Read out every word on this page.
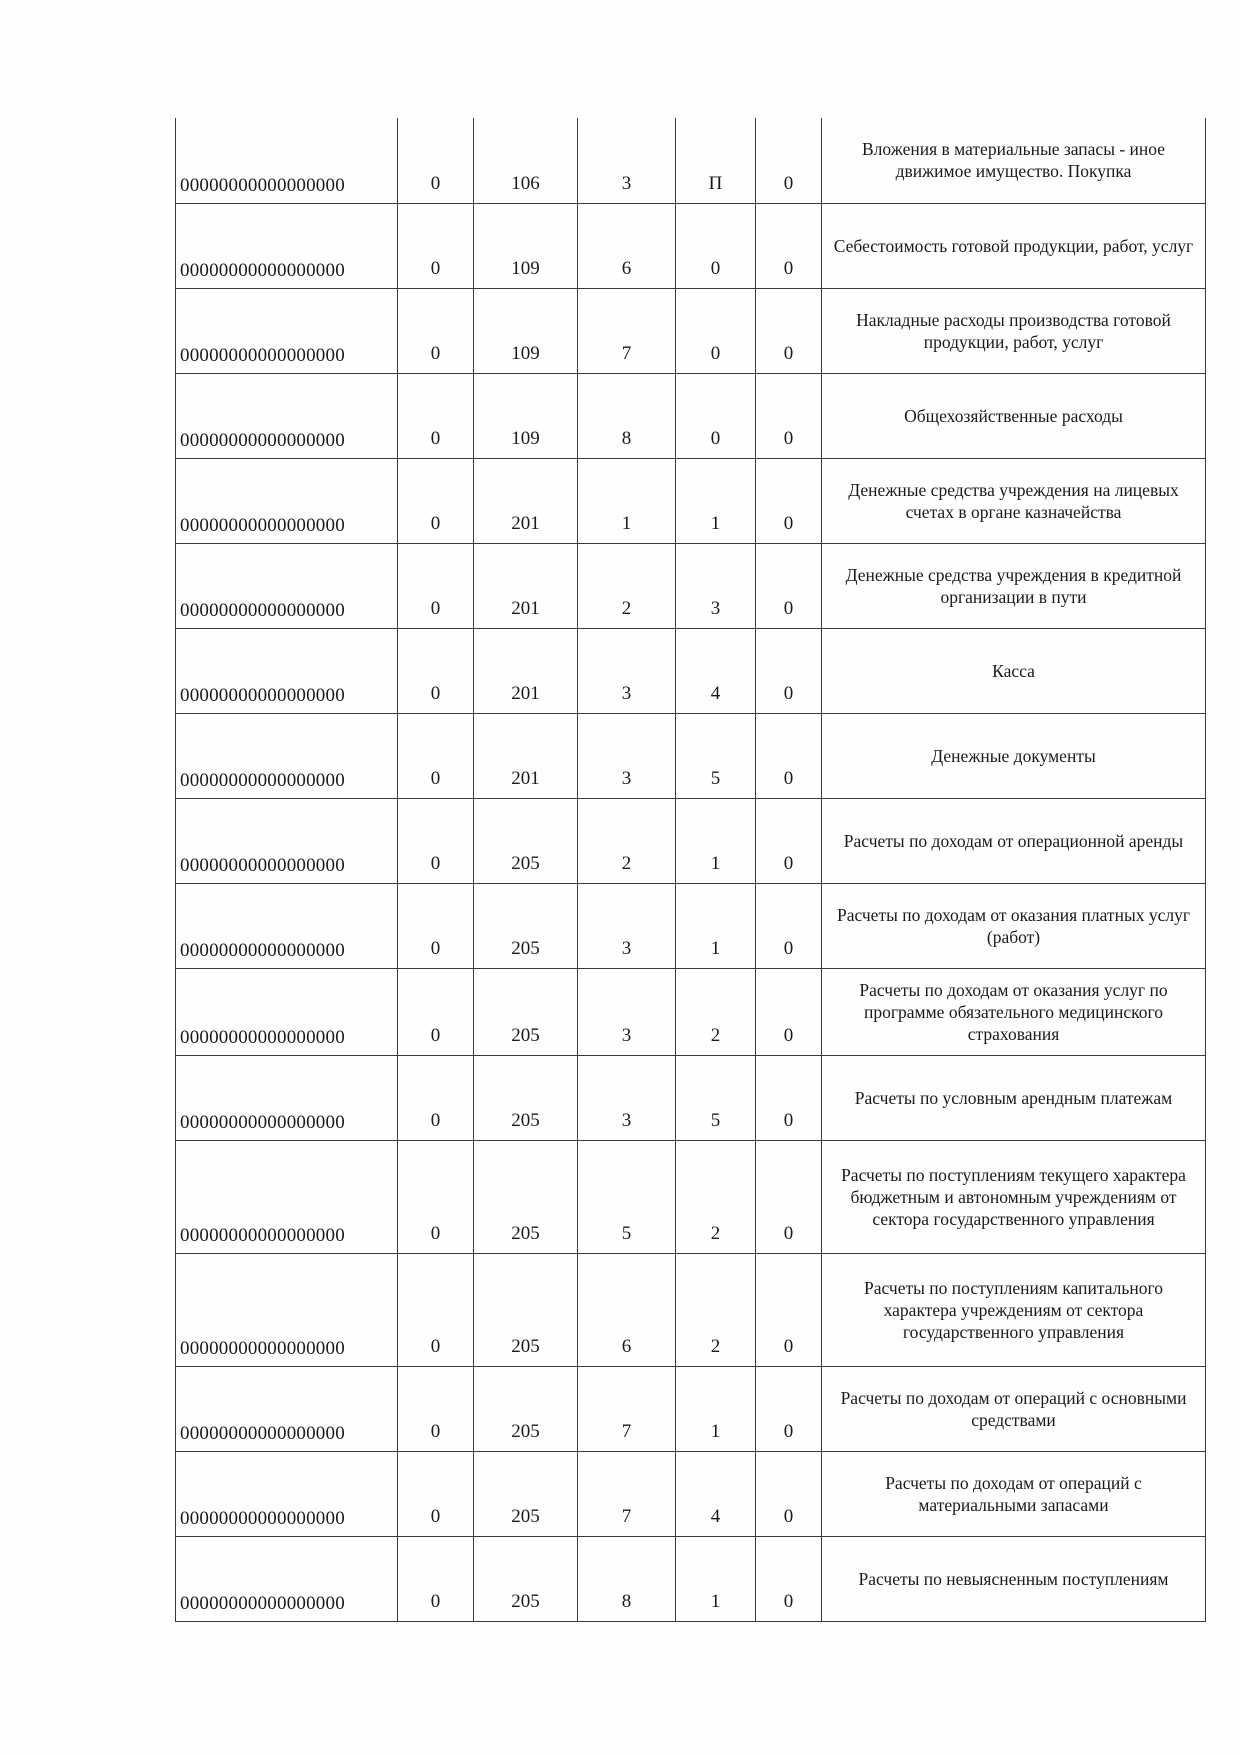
00000000000000000	0	106	3	П	0	Вложения в материальные запасы - иное движимое имущество. Покупка
00000000000000000	0	109	6	0	0	Себестоимость готовой продукции, работ, услуг
00000000000000000	0	109	7	0	0	Накладные расходы производства готовой продукции, работ, услуг
00000000000000000	0	109	8	0	0	Общехозяйственные расходы
00000000000000000	0	201	1	1	0	Денежные средства учреждения на лицевых счетах в органе казначейства
00000000000000000	0	201	2	3	0	Денежные средства учреждения в кредитной организации в пути
00000000000000000	0	201	3	4	0	Касса
00000000000000000	0	201	3	5	0	Денежные документы
00000000000000000	0	205	2	1	0	Расчеты по доходам от операционной аренды
00000000000000000	0	205	3	1	0	Расчеты по доходам от оказания платных услуг (работ)
00000000000000000	0	205	3	2	0	Расчеты по доходам от оказания услуг по программе обязательного медицинского страхования
00000000000000000	0	205	3	5	0	Расчеты по условным арендным платежам
00000000000000000	0	205	5	2	0	Расчеты по поступлениям текущего характера бюджетным и автономным учреждениям от сектора государственного управления
00000000000000000	0	205	6	2	0	Расчеты по поступлениям капитального характера учреждениям от сектора государственного управления
00000000000000000	0	205	7	1	0	Расчеты по доходам от операций с основными средствами
00000000000000000	0	205	7	4	0	Расчеты по доходам от операций с материальными запасами
00000000000000000	0	205	8	1	0	Расчеты по невыясненным поступлениям
